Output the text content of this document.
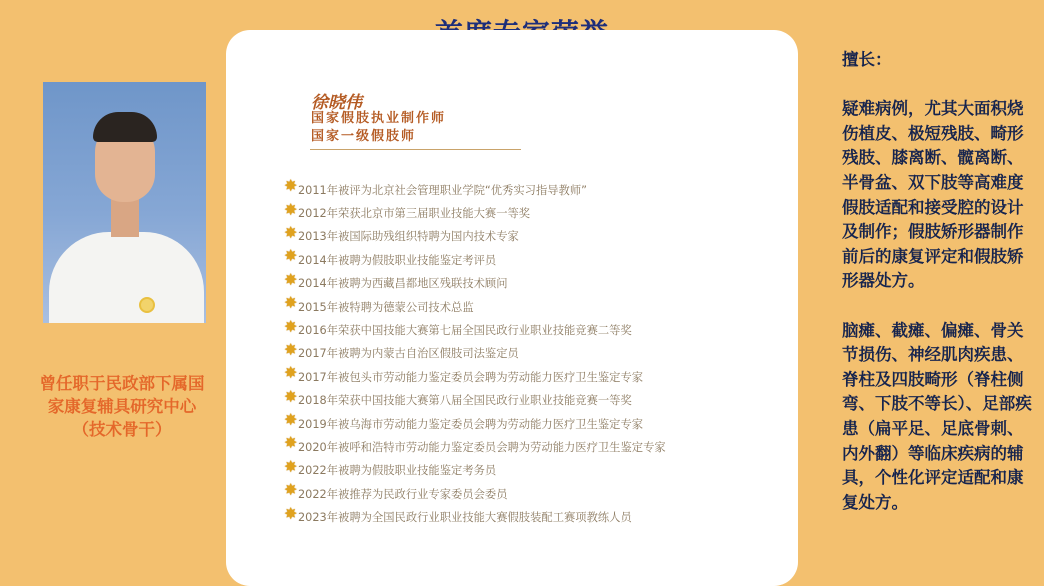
曾任职于民政部下属国
家康复辅具研究中心
（技术骨干）
徐晓伟
国家假肢执业制作师
国家一级假肢师
✸ 2011年被评为北京社会管理职业学院“优秀实习指导教师”
✸ 2012年荣获北京市第三届职业技能大赛一等奖
✸ 2013年被国际助残组织特聘为国内技术专家
✸ 2014年被聘为假肢职业技能鉴定考评员
✸ 2014年被聘为西藏昌都地区残联技术顾问
✸ 2015年被特聘为德蒙公司技术总监
✸ 2016年荣获中国技能大赛第七届全国民政行业职业技能竞赛二等奖
✸ 2017年被聘为内蒙古自治区假肢司法鉴定员
✸ 2017年被包头市劳动能力鉴定委员会聘为劳动能力医疗卫生鉴定专家
✸ 2018年荣获中国技能大赛第八届全国民政行业职业技能竞赛一等奖
✸ 2019年被乌海市劳动能力鉴定委员会聘为劳动能力医疗卫生鉴定专家
✸ 2020年被呼和浩特市劳动能力鉴定委员会聘为劳动能力医疗卫生鉴定专家
✸ 2022年被聘为假肢职业技能鉴定考务员
✸ 2022年被推荐为民政行业专家委员会委员
✸ 2023年被聘为全国民政行业职业技能大赛假肢装配工赛项教练人员

擅长：

疑难病例，尤其大面积烧伤植皮、极短残肢、畸形残肢、膝离断、髋离断、半骨盆、双下肢等高难度假肢适配和接受腔的设计及制作；假肢矫形器制作前后的康复评定和假肢矫形器处方。

脑瘫、截瘫、偏瘫、骨关节损伤、神经肌肉疾患、脊柱及四肢畸形（脊柱侧弯、下肢不等长）、足部疾患（扁平足、足底骨刺、内外翻）等临床疾病的辅具，个性化评定适配和康复处方。
